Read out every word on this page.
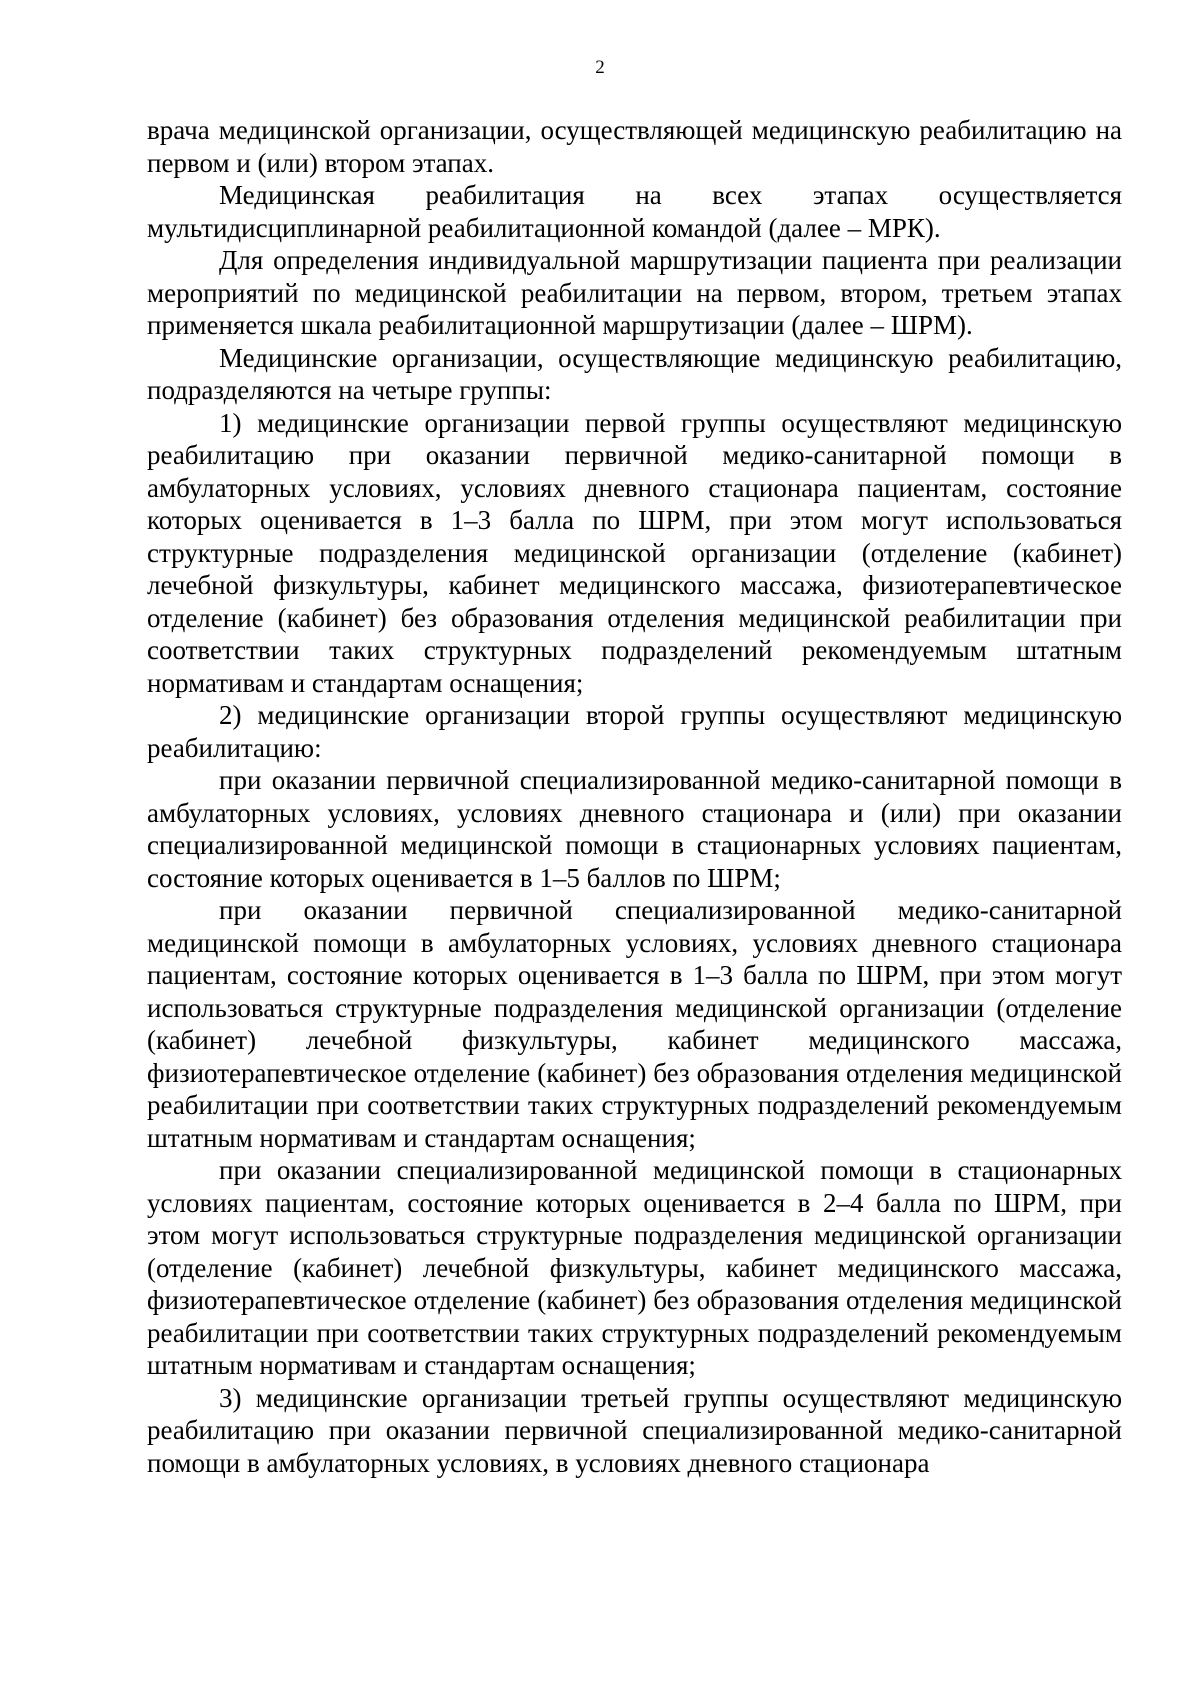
2

врача медицинской организации, осуществляющей медицинскую реабилитацию на первом и (или) втором этапах.

Медицинская реабилитация на всех этапах осуществляется мультидисциплинарной реабилитационной командой (далее – МРК).

Для определения индивидуальной маршрутизации пациента при реализации мероприятий по медицинской реабилитации на первом, втором, третьем этапах применяется шкала реабилитационной маршрутизации (далее – ШРМ).

Медицинские организации, осуществляющие медицинскую реабилитацию, подразделяются на четыре группы:

1) медицинские организации первой группы осуществляют медицинскую реабилитацию при оказании первичной медико-санитарной помощи в амбулаторных условиях, условиях дневного стационара пациентам, состояние которых оценивается в 1–3 балла по ШРМ, при этом могут использоваться структурные подразделения медицинской организации (отделение (кабинет) лечебной физкультуры, кабинет медицинского массажа, физиотерапевтическое отделение (кабинет) без образования отделения медицинской реабилитации при соответствии таких структурных подразделений рекомендуемым штатным нормативам и стандартам оснащения;

2) медицинские организации второй группы осуществляют медицинскую реабилитацию:

при оказании первичной специализированной медико-санитарной помощи в амбулаторных условиях, условиях дневного стационара и (или) при оказании специализированной медицинской помощи в стационарных условиях пациентам, состояние которых оценивается в 1–5 баллов по ШРМ;

при оказании первичной специализированной медико-санитарной медицинской помощи в амбулаторных условиях, условиях дневного стационара пациентам, состояние которых оценивается в 1–3 балла по ШРМ, при этом могут использоваться структурные подразделения медицинской организации (отделение (кабинет) лечебной физкультуры, кабинет медицинского массажа, физиотерапевтическое отделение (кабинет) без образования отделения медицинской реабилитации при соответствии таких структурных подразделений рекомендуемым штатным нормативам и стандартам оснащения;

при оказании специализированной медицинской помощи в стационарных условиях пациентам, состояние которых оценивается в 2–4 балла по ШРМ, при этом могут использоваться структурные подразделения медицинской организации (отделение (кабинет) лечебной физкультуры, кабинет медицинского массажа, физиотерапевтическое отделение (кабинет) без образования отделения медицинской реабилитации при соответствии таких структурных подразделений рекомендуемым штатным нормативам и стандартам оснащения;

3) медицинские организации третьей группы осуществляют медицинскую реабилитацию при оказании первичной специализированной медико-санитарной помощи в амбулаторных условиях, в условиях дневного стационара
